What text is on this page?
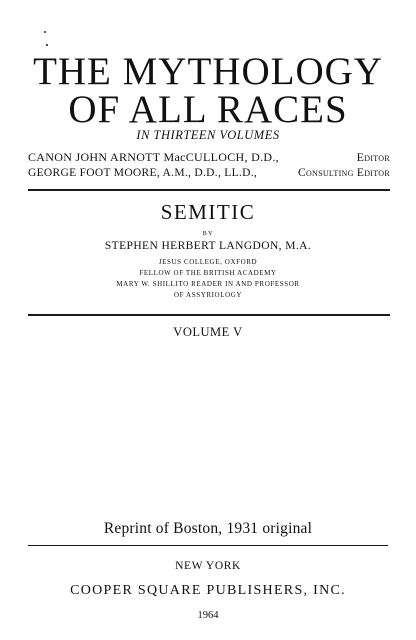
THE MYTHOLOGY
OF ALL RACES
IN THIRTEEN VOLUMES
CANON JOHN ARNOTT MacCULLOCH, D.D.,	Editor
GEORGE FOOT MOORE, A.M., D.D., LL.D.,	Consulting Editor
SEMITIC
BY
STEPHEN HERBERT LANGDON, M.A.
JESUS COLLEGE, OXFORD
FELLOW OF THE BRITISH ACADEMY
MARY W. SHILLITO READER IN AND PROFESSOR
OF ASSYRIOLOGY
VOLUME V
Reprint of Boston, 1931 original
NEW YORK
COOPER SQUARE PUBLISHERS, INC.
1964
